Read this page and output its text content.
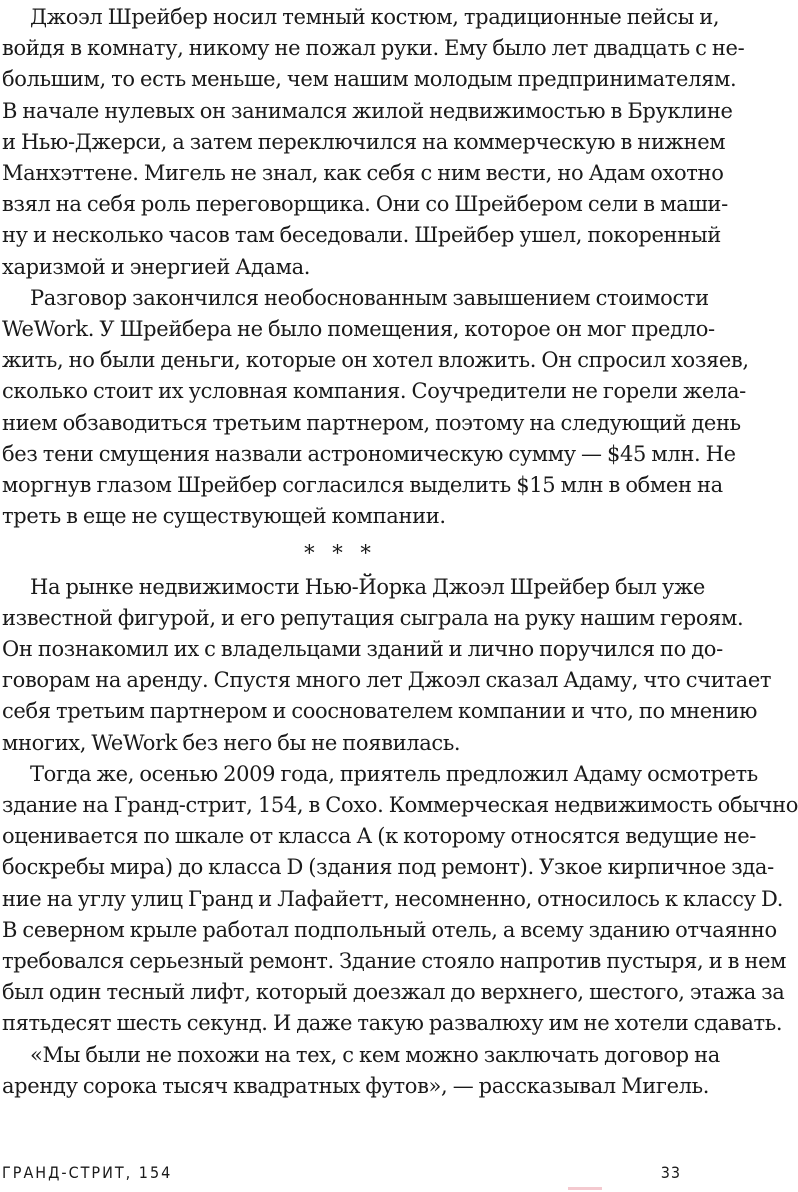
Джоэл Шрейбер носил темный костюм, традиционные пейсы и,
войдя в комнату, никому не пожал руки. Ему было лет двадцать с не-
большим, то есть меньше, чем нашим молодым предпринимателям.
В начале нулевых он занимался жилой недвижимостью в Бруклине
и Нью-Джерси, а затем переключился на коммерческую в нижнем
Манхэттене. Мигель не знал, как себя с ним вести, но Адам охотно
взял на себя роль переговорщика. Они со Шрейбером сели в маши-
ну и несколько часов там беседовали. Шрейбер ушел, покоренный
харизмой и энергией Адама.
Разговор закончился необоснованным завышением стоимости
WeWork. У Шрейбера не было помещения, которое он мог предло-
жить, но были деньги, которые он хотел вложить. Он спросил хозяев,
сколько стоит их условная компания. Соучредители не горели жела-
нием обзаводиться третьим партнером, поэтому на следующий день
без тени смущения назвали астрономическую сумму — $45 млн. Не
моргнув глазом Шрейбер согласился выделить $15 млн в обмен на
треть в еще не существующей компании.
* * *
На рынке недвижимости Нью-Йорка Джоэл Шрейбер был уже
известной фигурой, и его репутация сыграла на руку нашим героям.
Он познакомил их с владельцами зданий и лично поручился по до-
говорам на аренду. Спустя много лет Джоэл сказал Адаму, что считает
себя третьим партнером и сооснователем компании и что, по мнению
многих, WeWork без него бы не появилась.
Тогда же, осенью 2009 года, приятель предложил Адаму осмотреть
здание на Гранд-стрит, 154, в Сохо. Коммерческая недвижимость обычно
оценивается по шкале от класса А (к которому относятся ведущие не-
боскребы мира) до класса D (здания под ремонт). Узкое кирпичное зда-
ние на углу улиц Гранд и Лафайетт, несомненно, относилось к классу D.
В северном крыле работал подпольный отель, а всему зданию отчаянно
требовался серьезный ремонт. Здание стояло напротив пустыря, и в нем
был один тесный лифт, который доезжал до верхнего, шестого, этажа за
пятьдесят шесть секунд. И даже такую развалюху им не хотели сдавать.
«Мы были не похожи на тех, с кем можно заключать договор на
аренду сорока тысяч квадратных футов», — рассказывал Мигель.
ГРАНД-СТРИТ, 154	33
